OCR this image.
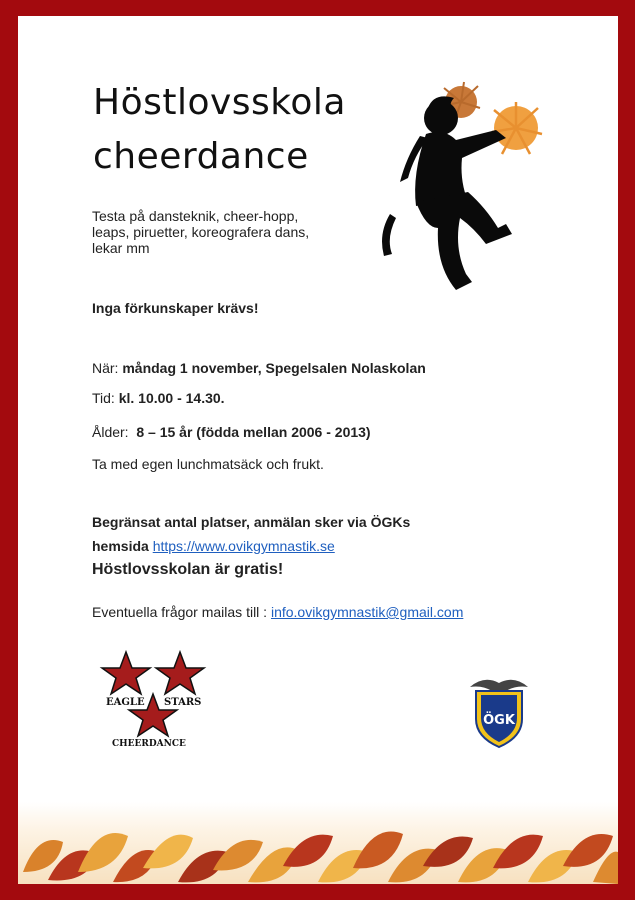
Höstlovsskola
cheerdance
Testa på dansteknik, cheer-hopp, leaps, piruetter, koreografera dans, lekar mm
Inga förkunskaper krävs!
När: måndag 1 november, Spegelsalen Nolaskolan
Tid: kl. 10.00 - 14.30.
Ålder:  8 – 15 år (födda mellan 2006 - 2013)
Ta med egen lunchmatsäck och frukt.
Begränsat antal platser, anmälan sker via ÖGKs
hemsida https://www.ovikgymnastik.se
Höstlovsskolan är gratis!
Eventuella frågor mailas till : info.ovikgymnastik@gmail.com
EAGLE STARS
CHEERDANCE
ÖGK
